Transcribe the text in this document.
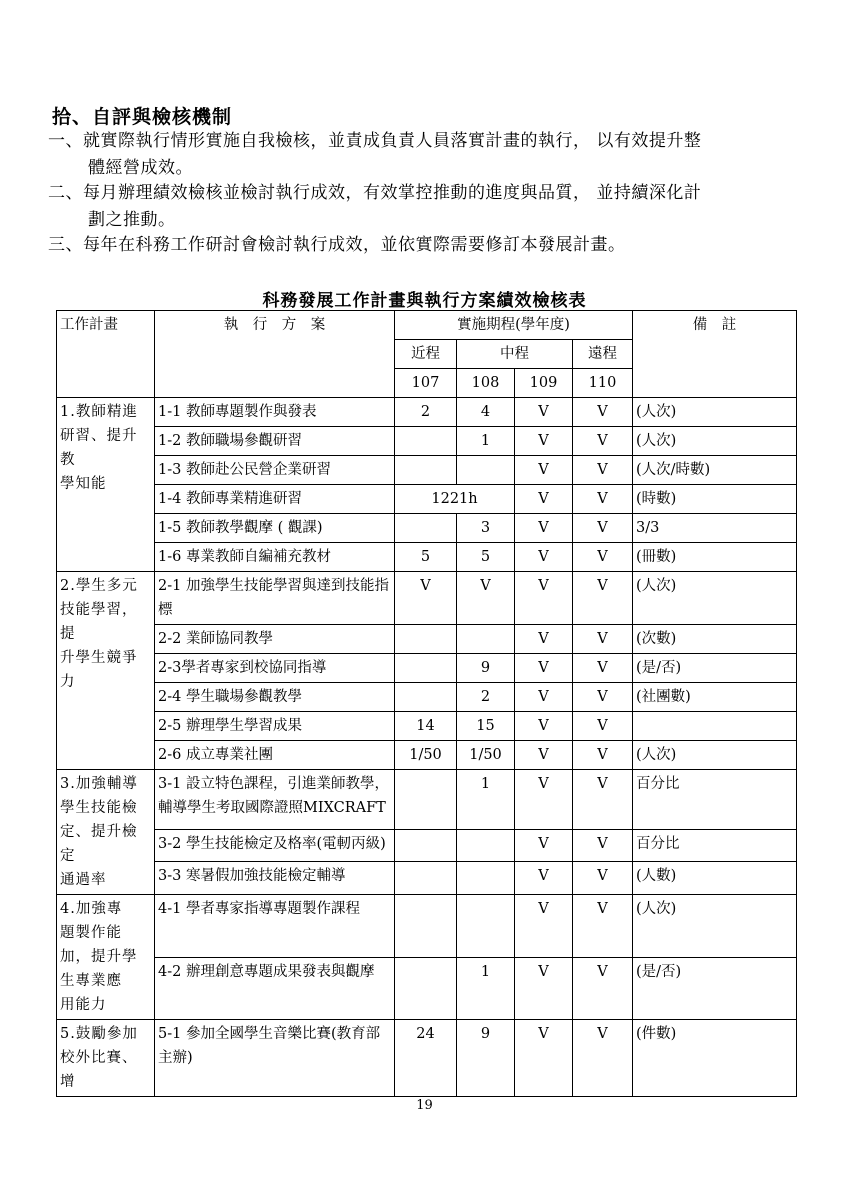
拾、自評與檢核機制
一、就實際執行情形實施自我檢核，並責成負責人員落實計畫的執行， 以有效提升整
體經營成效。
二、每月辦理績效檢核並檢討執行成效，有效掌控推動的進度與品質， 並持續深化計
劃之推動。
三、每年在科務工作研討會檢討執行成效，並依實際需要修訂本發展計畫。
科務發展工作計畫與執行方案績效檢核表
工作計畫	執　行　方　案	實施期程(學年度)				備　註
		近程	中程		遠程	
		107	108	109	110	

1.教師精進
研習、提升教
學知能	1-1 教師專題製作與發表	2	4	V	V	(人次)
	1-2 教師職場參觀研習		1	V	V	(人次)
	1-3 教師赴公民營企業研習			V	V	(人次/時數)
	1-4 教師專業精進研習	1221h		V	V	(時數)
	1-5 教師教學觀摩 ( 觀課)		3	V	V	3/3
	1-6 專業教師自編補充教材	5	5	V	V	(冊數)

2.學生多元
技能學習，提
升學生競爭
力	2-1 加強學生技能學習與達到技能指標	V	V	V	V	(人次)
	2-2 業師協同教學			V	V	(次數)
	2-3學者專家到校協同指導		9	V	V	(是/否)
	2-4 學生職場參觀教學		2	V	V	(社團數)
	2-5 辦理學生學習成果	14	15	V	V	
	2-6 成立專業社團	1/50	1/50	V	V	(人次)

3.加強輔導
學生技能檢
定、提升檢定
通過率	3-1 設立特色課程，引進業師教學，輔導學生考取國際證照MIXCRAFT		1	V	V	百分比
	3-2 學生技能檢定及格率(電軔丙級)			V	V	百分比
	3-3 寒暑假加強技能檢定輔導			V	V	(人數)

4.加強專
題製作能
加，提升學
生專業應
用能力	4-1 學者專家指導專題製作課程			V	V	(人次)
	4-2 辦理創意專題成果發表與觀摩		1	V	V	(是/否)

5.鼓勵參加
校外比賽、增	5-1 參加全國學生音樂比賽(教育部主辦)	24	9	V	V	(件數)
19
